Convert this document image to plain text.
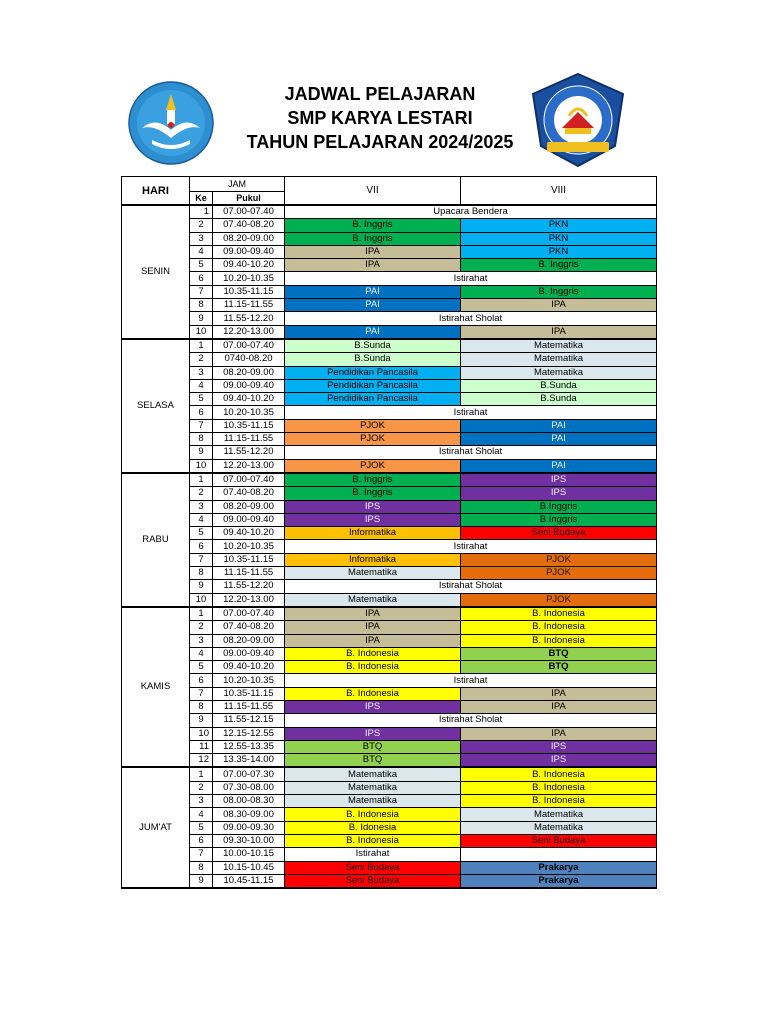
JADWAL PELAJARAN
SMP KARYA LESTARI
TAHUN PELAJARAN 2024/2025
HARI	JAM		VII	VIII
	Ke	Pukul		
SENIN	1	07.00-07.40	Upacara Bendera	
	2	07.40-08.20	B. Inggris	PKN
	3	08.20-09.00	B. Inggris	PKN
	4	09.00-09.40	IPA	PKN
	5	09.40-10.20	IPA	B. Inggris
	6	10.20-10.35	Istirahat	
	7	10.35-11.15	PAI	B. Inggris
	8	11.15-11.55	PAI	IPA
	9	11.55-12.20	Istirahat Sholat	
	10	12.20-13.00	PAI	IPA
SELASA	1	07.00-07.40	B.Sunda	Matematika
	2	0740-08.20	B.Sunda	Matematika
	3	08.20-09.00	Pendidikan Pancasila	Matematika
	4	09.00-09.40	Pendidikan Pancasila	B.Sunda
	5	09.40-10.20	Pendidikan Pancasila	B.Sunda
	6	10.20-10.35	Istirahat	
	7	10.35-11.15	PJOK	PAI
	8	11.15-11.55	PJOK	PAI
	9	11.55-12.20	Istirahat Sholat	
	10	12.20-13.00	PJOK	PAI
RABU	1	07.00-07.40	B. Inggris	IPS
	2	07.40-08.20	B. Inggris	IPS
	3	08.20-09.00	IPS	B.Inggris
	4	09.00-09.40	IPS	B.Inggris
	5	09.40-10.20	Informatika	Seni Budaya
	6	10.20-10.35	Istirahat	
	7	10.35-11.15	Informatika	PJOK
	8	11.15-11.55	Matematika	PJOK
	9	11.55-12.20	Istirahat Sholat	
	10	12.20-13.00	Matematika	PJOK
KAMIS	1	07.00-07.40	IPA	B. Indonesia
	2	07.40-08.20	IPA	B. Indonesia
	3	08.20-09.00	IPA	B. Indonesia
	4	09.00-09.40	B. Indonesia	BTQ
	5	09.40-10.20	B. Indonesia	BTQ
	6	10.20-10.35	Istirahat	
	7	10.35-11.15	B. Indonesia	IPA
	8	11.15-11.55	IPS	IPA
	9	11.55-12.15	Istirahat Sholat	
	10	12.15-12.55	IPS	IPA
	11	12.55-13.35	BTQ	IPS
	12	13.35-14.00	BTQ	IPS
JUM'AT	1	07.00-07.30	Matematika	B. Indonesia
	2	07.30-08.00	Matematika	B. Indonesia
	3	08.00-08.30	Matematika	B. Indonesia
	4	08.30-09.00	B. Indonesia	Matematika
	5	09.00-09.30	B. Idonesia	Matematika
	6	09.30-10.00	B. Indonesia	Seni Budaya
	7	10.00-10.15	Istirahat	
	8	10.15-10.45	Seni Budaya	Prakarya
	9	10.45-11.15	Seni Budaya	Prakarya
